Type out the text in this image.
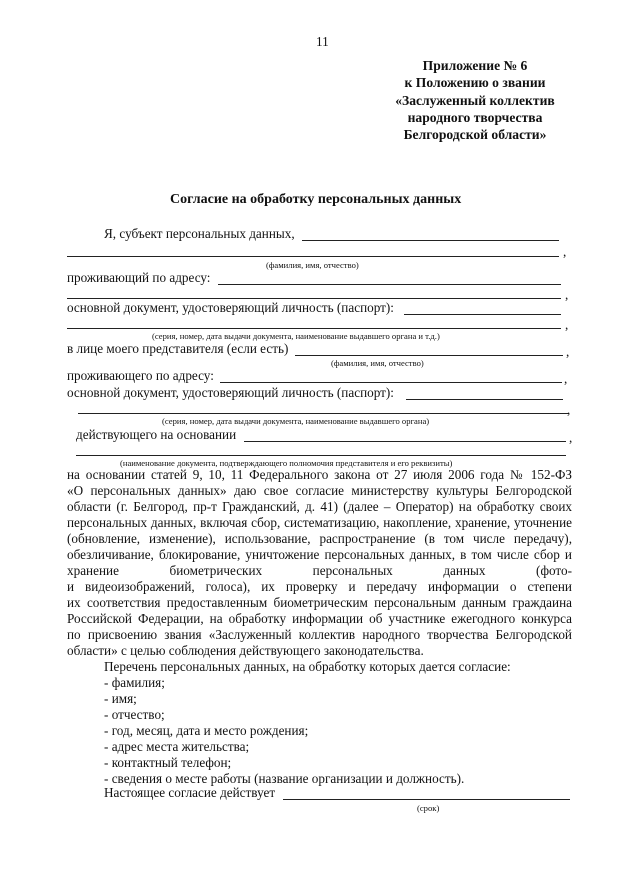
11
Приложение № 6
к Положению о звании
«Заслуженный коллектив
народного творчества
Белгородской области»
Согласие на обработку персональных данных
Я, субъект персональных данных,
,
(фамилия, имя, отчество)
проживающий по адресу:
,
основной документ, удостоверяющий личность (паспорт):
,
(серия, номер, дата выдачи документа, наименование выдавшего органа и т.д.)
в лице моего представителя (если есть)	,
(фамилия, имя, отчество)
проживающего по адресу:	,
основной документ, удостоверяющий личность (паспорт):
,
(серия, номер, дата выдачи документа, наименование выдавшего органа)
действующего на основании	,
(наименование документа, подтверждающего полномочия представителя и его реквизиты)
на основании статей 9, 10, 11 Федерального закона от 27 июля 2006 года № 152-ФЗ
«О персональных данных» даю свое согласие министерству культуры Белгородской
области (г. Белгород, пр-т Гражданский, д. 41) (далее – Оператор) на обработку своих
персональных данных, включая сбор, систематизацию, накопление, хранение, уточнение
(обновление, изменение), использование, распространение (в том числе передачу),
обезличивание, блокирование, уничтожение персональных данных, в том числе сбор и
хранение биометрических персональных данных (фото-
и видеоизображений, голоса), их проверку и передачу информации о степени
их соответствия предоставленным биометрическим персональным данным граждаина
Российской Федерации, на обработку информации об участнике ежегодного конкурса
по присвоению звания «Заслуженный коллектив народного творчества Белгородской
области» с целью соблюдения действующего законодательства.
Перечень персональных данных, на обработку которых дается согласие:
- фамилия;
- имя;
- отчество;
- год, месяц, дата и место рождения;
- адрес места жительства;
- контактный телефон;
- сведения о месте работы (название организации и должность).
Настоящее согласие действует
(срок)
